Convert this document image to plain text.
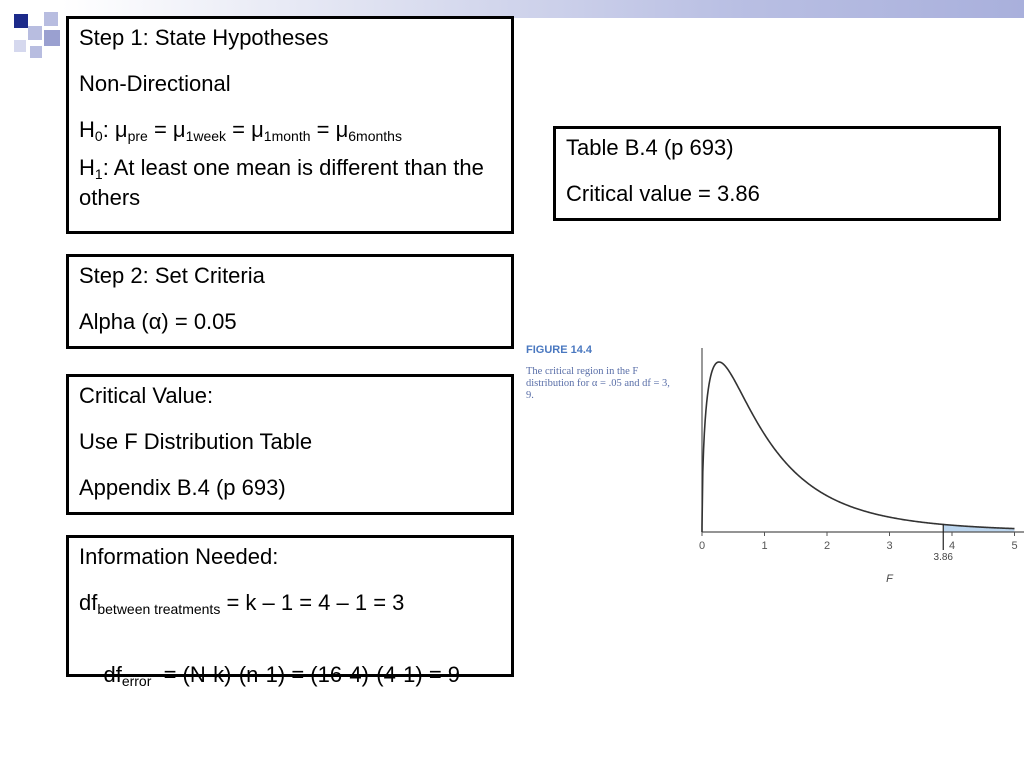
Step 1: State Hypotheses

Non-Directional

$H_0$: $\mu_{pre} = \mu_{1week} = \mu_{1month} = \mu_{6months}$

$H_1$: At least one mean is different than the others

Step 2: Set Criteria

Alpha (α) = 0.05

Critical Value:

Use F Distribution Table

Appendix B.4 (p 693)

Information Needed:

$df_{between treatments} = k - 1 = 4 - 1 = 3$

$df_{error} = (N-k)-(n-1) = (16-4)-(4-1) = 9$

Table B.4 (p 693)

Critical value = 3.86

FIGURE 14.4
The critical region in the F distribution for α = .05 and df = 3, 9.
0	1	2	3	4	5
3.86
F
